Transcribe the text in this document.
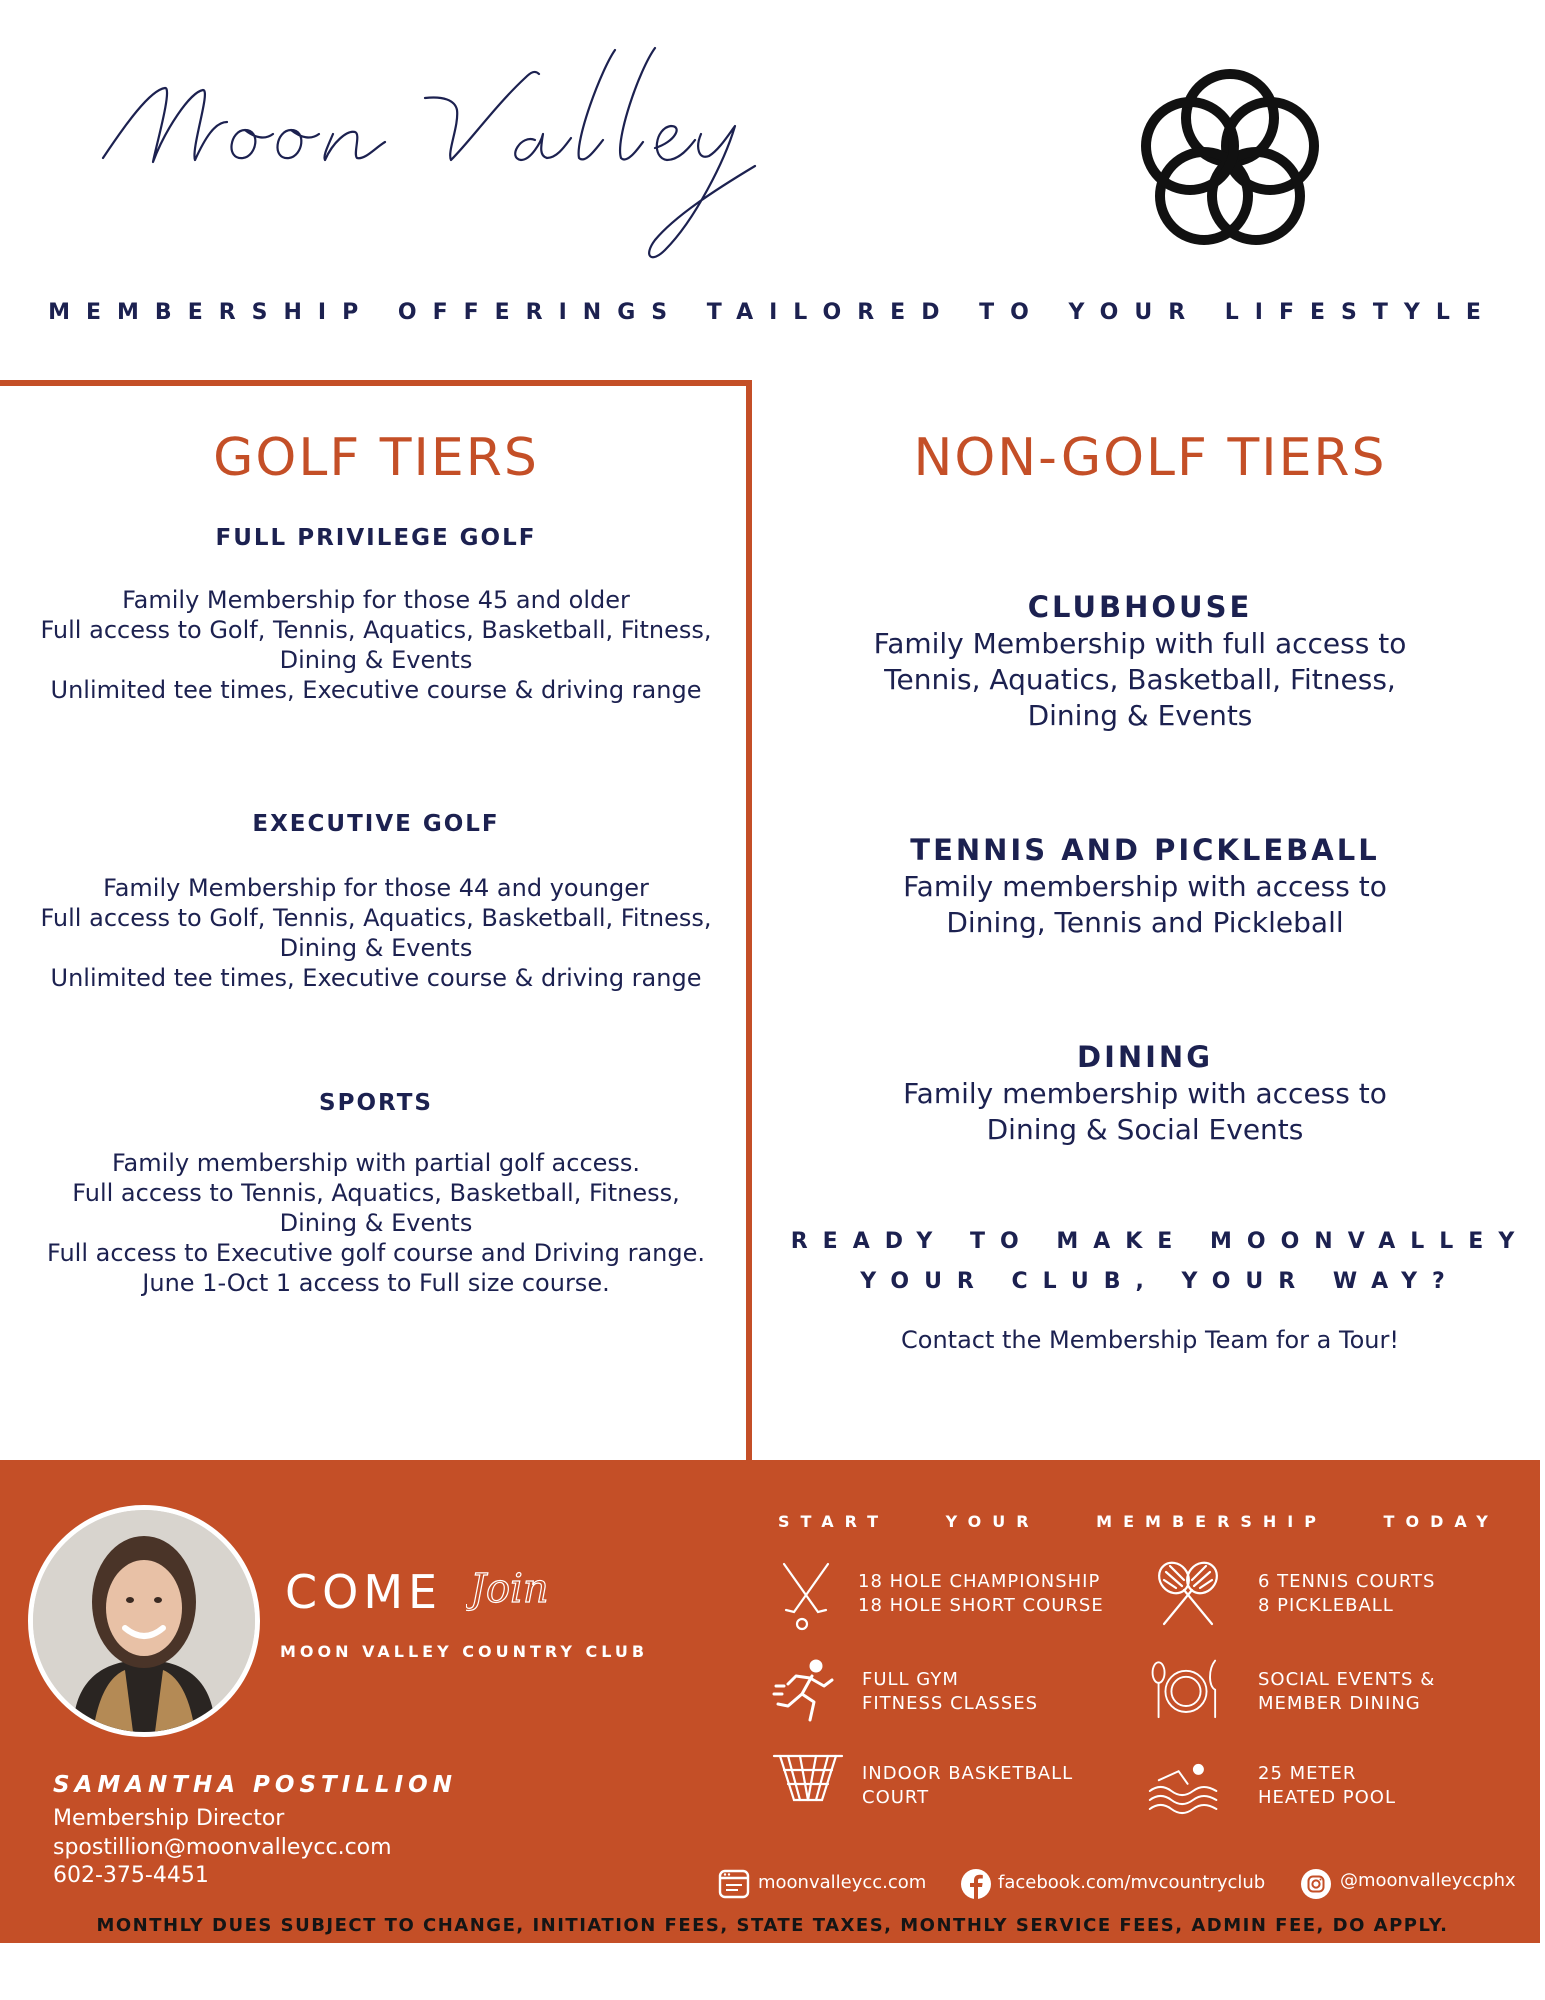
MEMBERSHIP OFFERINGS TAILORED TO YOUR LIFESTYLE
GOLF TIERS
FULL PRIVILEGE GOLF

Family Membership for those 45 and older

Full access to Golf, Tennis, Aquatics, Basketball, Fitness,

Dining & Events

Unlimited tee times, Executive course & driving range

EXECUTIVE GOLF

Family Membership for those 44 and younger

Full access to Golf, Tennis, Aquatics, Basketball, Fitness,

Dining & Events

Unlimited tee times, Executive course & driving range

SPORTS

Family membership with partial golf access.

Full access to Tennis, Aquatics, Basketball, Fitness,

Dining & Events

Full access to Executive golf course and Driving range.

June 1-Oct 1 access to Full size course.

NON-GOLF TIERS
CLUBHOUSE
Family Membership with full access to
Tennis, Aquatics, Basketball, Fitness,
Dining & Events
TENNIS AND PICKLEBALL
Family membership with access to
Dining, Tennis and Pickleball
DINING
Family membership with access to
Dining & Social Events
READY TO MAKE MOONVALLEY
YOUR CLUB, YOUR WAY?
Contact the Membership Team for a Tour!
COME Join
MOON VALLEY COUNTRY CLUB
SAMANTHA POSTILLION
Membership Director
spostillion@moonvalleycc.com
602-375-4451
START YOUR MEMBERSHIP TODAY
18 HOLE CHAMPIONSHIP
18 HOLE SHORT COURSE
6 TENNIS COURTS
8 PICKLEBALL
FULL GYM
FITNESS CLASSES
SOCIAL EVENTS &
MEMBER DINING
INDOOR BASKETBALL
COURT
25 METER
HEATED POOL
moonvalleycc.com	facebook.com/mvcountryclub	@moonvalleyccphx
MONTHLY DUES SUBJECT TO CHANGE, INITIATION FEES, STATE TAXES, MONTHLY SERVICE FEES, ADMIN FEE, DO APPLY.
